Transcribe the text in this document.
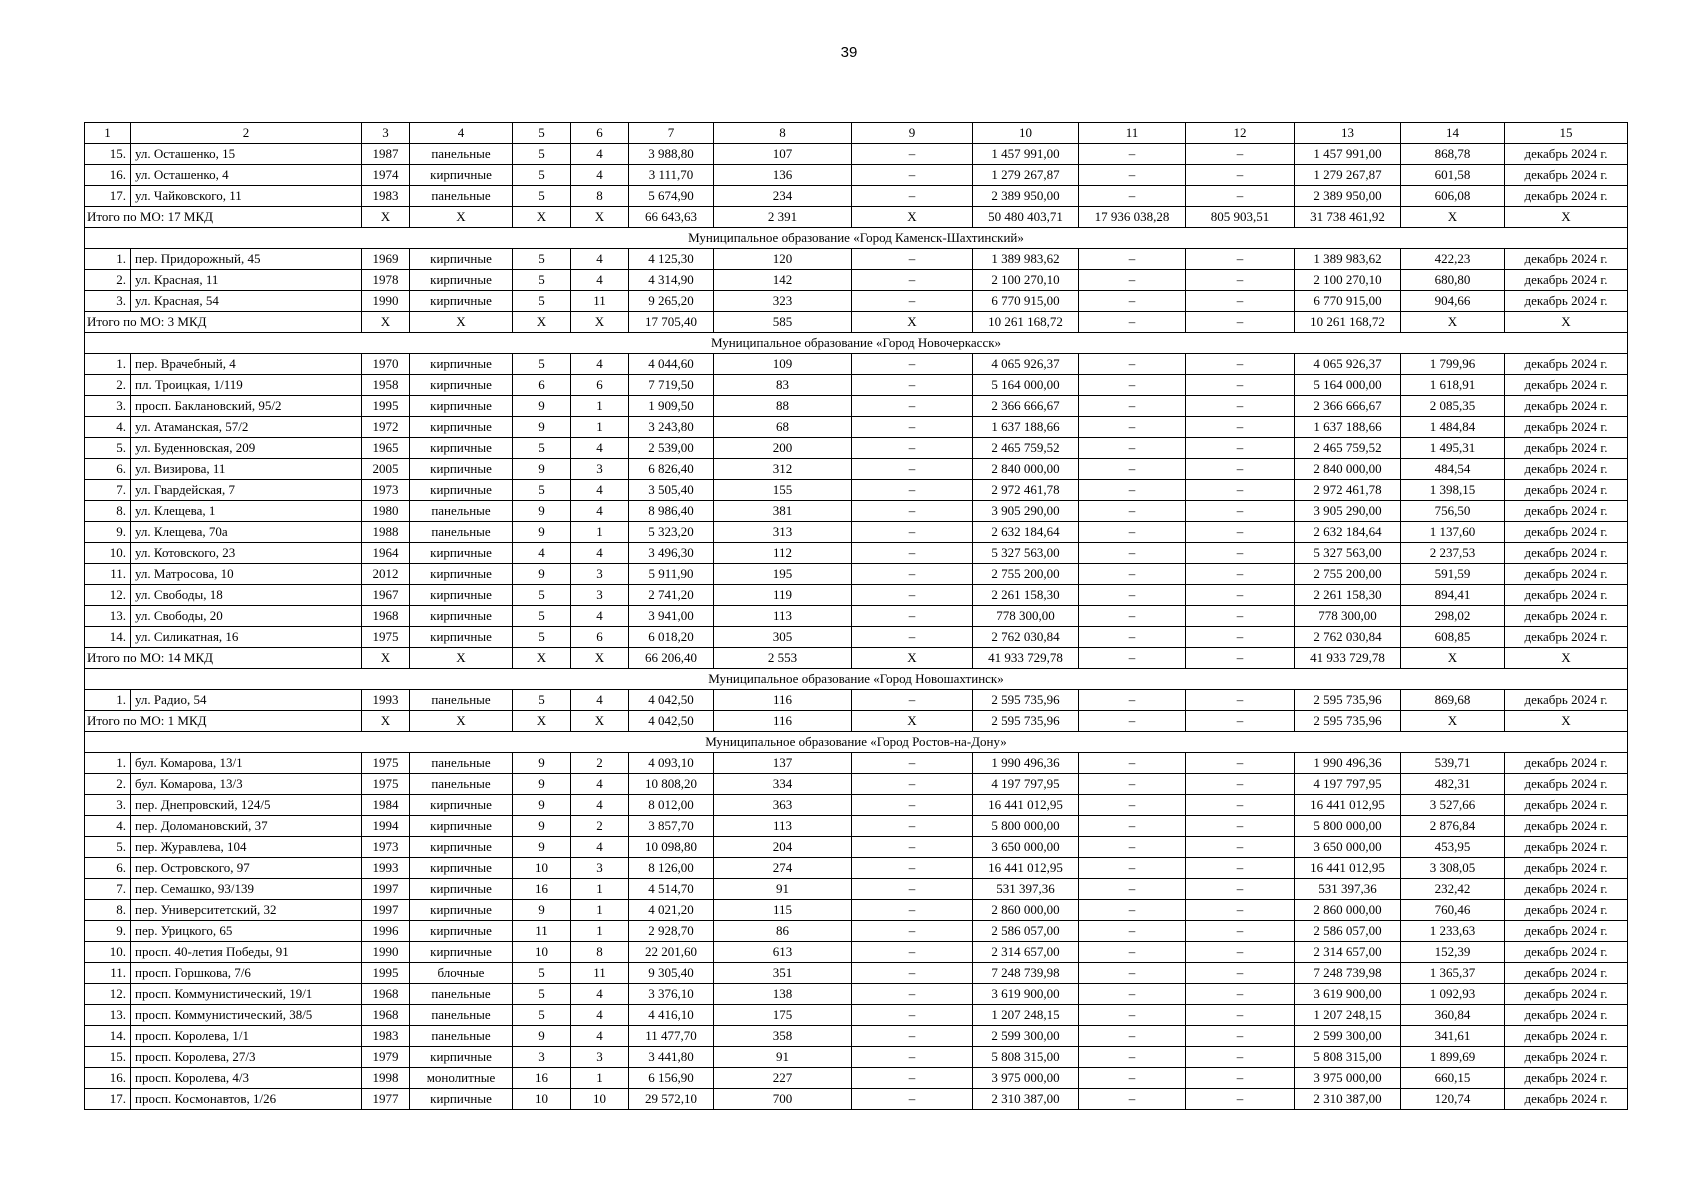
39
1	2	3	4	5	6	7	8	9	10	11	12	13	14	15
15.	ул. Осташенко, 15	1987	панельные	5	4	3 988,80	107	–	1 457 991,00	–	–	1 457 991,00	868,78	декабрь 2024 г.
16.	ул. Осташенко, 4	1974	кирпичные	5	4	3 111,70	136	–	1 279 267,87	–	–	1 279 267,87	601,58	декабрь 2024 г.
17.	ул. Чайковского, 11	1983	панельные	5	8	5 674,90	234	–	2 389 950,00	–	–	2 389 950,00	606,08	декабрь 2024 г.
Итого по МО: 17 МКД		X	X	X	X	66 643,63	2 391	X	50 480 403,71	17 936 038,28	805 903,51	31 738 461,92	X	X
Муниципальное образование «Город Каменск-Шахтинский»														
1.	пер. Придорожный, 45	1969	кирпичные	5	4	4 125,30	120	–	1 389 983,62	–	–	1 389 983,62	422,23	декабрь 2024 г.
2.	ул. Красная, 11	1978	кирпичные	5	4	4 314,90	142	–	2 100 270,10	–	–	2 100 270,10	680,80	декабрь 2024 г.
3.	ул. Красная, 54	1990	кирпичные	5	11	9 265,20	323	–	6 770 915,00	–	–	6 770 915,00	904,66	декабрь 2024 г.
Итого по МО: 3 МКД		X	X	X	X	17 705,40	585	X	10 261 168,72	–	–	10 261 168,72	X	X
Муниципальное образование «Город Новочеркасск»														
1.	пер. Врачебный, 4	1970	кирпичные	5	4	4 044,60	109	–	4 065 926,37	–	–	4 065 926,37	1 799,96	декабрь 2024 г.
2.	пл. Троицкая, 1/119	1958	кирпичные	6	6	7 719,50	83	–	5 164 000,00	–	–	5 164 000,00	1 618,91	декабрь 2024 г.
3.	просп. Баклановский, 95/2	1995	кирпичные	9	1	1 909,50	88	–	2 366 666,67	–	–	2 366 666,67	2 085,35	декабрь 2024 г.
4.	ул. Атаманская, 57/2	1972	кирпичные	9	1	3 243,80	68	–	1 637 188,66	–	–	1 637 188,66	1 484,84	декабрь 2024 г.
5.	ул. Буденновская, 209	1965	кирпичные	5	4	2 539,00	200	–	2 465 759,52	–	–	2 465 759,52	1 495,31	декабрь 2024 г.
6.	ул. Визирова, 11	2005	кирпичные	9	3	6 826,40	312	–	2 840 000,00	–	–	2 840 000,00	484,54	декабрь 2024 г.
7.	ул. Гвардейская, 7	1973	кирпичные	5	4	3 505,40	155	–	2 972 461,78	–	–	2 972 461,78	1 398,15	декабрь 2024 г.
8.	ул. Клещева, 1	1980	панельные	9	4	8 986,40	381	–	3 905 290,00	–	–	3 905 290,00	756,50	декабрь 2024 г.
9.	ул. Клещева, 70а	1988	панельные	9	1	5 323,20	313	–	2 632 184,64	–	–	2 632 184,64	1 137,60	декабрь 2024 г.
10.	ул. Котовского, 23	1964	кирпичные	4	4	3 496,30	112	–	5 327 563,00	–	–	5 327 563,00	2 237,53	декабрь 2024 г.
11.	ул. Матросова, 10	2012	кирпичные	9	3	5 911,90	195	–	2 755 200,00	–	–	2 755 200,00	591,59	декабрь 2024 г.
12.	ул. Свободы, 18	1967	кирпичные	5	3	2 741,20	119	–	2 261 158,30	–	–	2 261 158,30	894,41	декабрь 2024 г.
13.	ул. Свободы, 20	1968	кирпичные	5	4	3 941,00	113	–	778 300,00	–	–	778 300,00	298,02	декабрь 2024 г.
14.	ул. Силикатная, 16	1975	кирпичные	5	6	6 018,20	305	–	2 762 030,84	–	–	2 762 030,84	608,85	декабрь 2024 г.
Итого по МО: 14 МКД		X	X	X	X	66 206,40	2 553	X	41 933 729,78	–	–	41 933 729,78	X	X
Муниципальное образование «Город Новошахтинск»														
1.	ул. Радио, 54	1993	панельные	5	4	4 042,50	116	–	2 595 735,96	–	–	2 595 735,96	869,68	декабрь 2024 г.
Итого по МО: 1 МКД		X	X	X	X	4 042,50	116	X	2 595 735,96	–	–	2 595 735,96	X	X
Муниципальное образование «Город Ростов-на-Дону»														
1.	бул. Комарова, 13/1	1975	панельные	9	2	4 093,10	137	–	1 990 496,36	–	–	1 990 496,36	539,71	декабрь 2024 г.
2.	бул. Комарова, 13/3	1975	панельные	9	4	10 808,20	334	–	4 197 797,95	–	–	4 197 797,95	482,31	декабрь 2024 г.
3.	пер. Днепровский, 124/5	1984	кирпичные	9	4	8 012,00	363	–	16 441 012,95	–	–	16 441 012,95	3 527,66	декабрь 2024 г.
4.	пер. Доломановский, 37	1994	кирпичные	9	2	3 857,70	113	–	5 800 000,00	–	–	5 800 000,00	2 876,84	декабрь 2024 г.
5.	пер. Журавлева, 104	1973	кирпичные	9	4	10 098,80	204	–	3 650 000,00	–	–	3 650 000,00	453,95	декабрь 2024 г.
6.	пер. Островского, 97	1993	кирпичные	10	3	8 126,00	274	–	16 441 012,95	–	–	16 441 012,95	3 308,05	декабрь 2024 г.
7.	пер. Семашко, 93/139	1997	кирпичные	16	1	4 514,70	91	–	531 397,36	–	–	531 397,36	232,42	декабрь 2024 г.
8.	пер. Университетский, 32	1997	кирпичные	9	1	4 021,20	115	–	2 860 000,00	–	–	2 860 000,00	760,46	декабрь 2024 г.
9.	пер. Урицкого, 65	1996	кирпичные	11	1	2 928,70	86	–	2 586 057,00	–	–	2 586 057,00	1 233,63	декабрь 2024 г.
10.	просп. 40-летия Победы, 91	1990	кирпичные	10	8	22 201,60	613	–	2 314 657,00	–	–	2 314 657,00	152,39	декабрь 2024 г.
11.	просп. Горшкова, 7/6	1995	блочные	5	11	9 305,40	351	–	7 248 739,98	–	–	7 248 739,98	1 365,37	декабрь 2024 г.
12.	просп. Коммунистический, 19/1	1968	панельные	5	4	3 376,10	138	–	3 619 900,00	–	–	3 619 900,00	1 092,93	декабрь 2024 г.
13.	просп. Коммунистический, 38/5	1968	панельные	5	4	4 416,10	175	–	1 207 248,15	–	–	1 207 248,15	360,84	декабрь 2024 г.
14.	просп. Королева, 1/1	1983	панельные	9	4	11 477,70	358	–	2 599 300,00	–	–	2 599 300,00	341,61	декабрь 2024 г.
15.	просп. Королева, 27/3	1979	кирпичные	3	3	3 441,80	91	–	5 808 315,00	–	–	5 808 315,00	1 899,69	декабрь 2024 г.
16.	просп. Королева, 4/3	1998	монолитные	16	1	6 156,90	227	–	3 975 000,00	–	–	3 975 000,00	660,15	декабрь 2024 г.
17.	просп. Космонавтов, 1/26	1977	кирпичные	10	10	29 572,10	700	–	2 310 387,00	–	–	2 310 387,00	120,74	декабрь 2024 г.
